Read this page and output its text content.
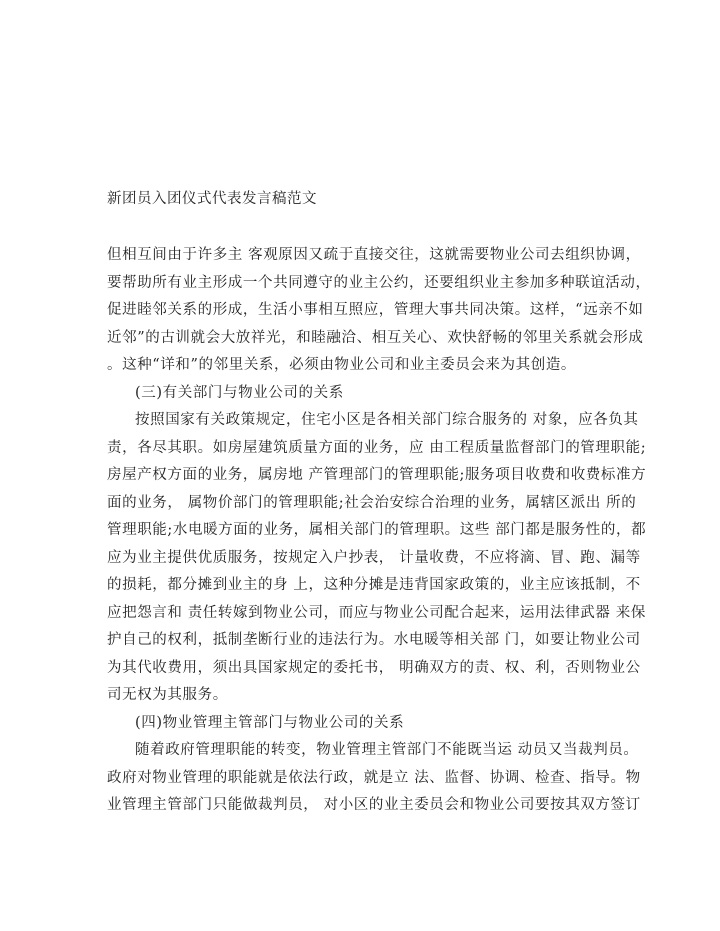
新团员入团仪式代表发言稿范文
但相互间由于许多主 客观原因又疏于直接交往，这就需要物业公司去组织协调，
要帮助所有业主形成一个共同遵守的业主公约，还要组织业主参加多种联谊活动，
促进睦邻关系的形成，生活小事相互照应，管理大事共同决策。这样，“远亲不如
近邻”的古训就会大放祥光，和睦融洽、相互关心、欢快舒畅的邻里关系就会形成
。这种“详和”的邻里关系，必须由物业公司和业主委员会来为其创造。
(三)有关部门与物业公司的关系
按照国家有关政策规定，住宅小区是各相关部门综合服务的 对象，应各负其
责，各尽其职。如房屋建筑质量方面的业务，应 由工程质量监督部门的管理职能;
房屋产权方面的业务，属房地 产管理部门的管理职能;服务项目收费和收费标准方
面的业务， 属物价部门的管理职能;社会治安综合治理的业务，属辖区派出 所的
管理职能;水电暖方面的业务，属相关部门的管理职。这些 部门都是服务性的，都
应为业主提供优质服务，按规定入户抄表， 计量收费，不应将滴、冒、跑、漏等
的损耗，都分摊到业主的身 上，这种分摊是违背国家政策的，业主应该抵制，不
应把怨言和 责任转嫁到物业公司，而应与物业公司配合起来，运用法律武器 来保
护自己的权利，抵制垄断行业的违法行为。水电暖等相关部 门，如要让物业公司
为其代收费用，须出具国家规定的委托书， 明确双方的责、权、利，否则物业公
司无权为其服务。
(四)物业管理主管部门与物业公司的关系
随着政府管理职能的转变，物业管理主管部门不能既当运 动员又当裁判员。
政府对物业管理的职能就是依法行政，就是立 法、监督、协调、检查、指导。物
业管理主管部门只能做裁判员， 对小区的业主委员会和物业公司要按其双方签订
